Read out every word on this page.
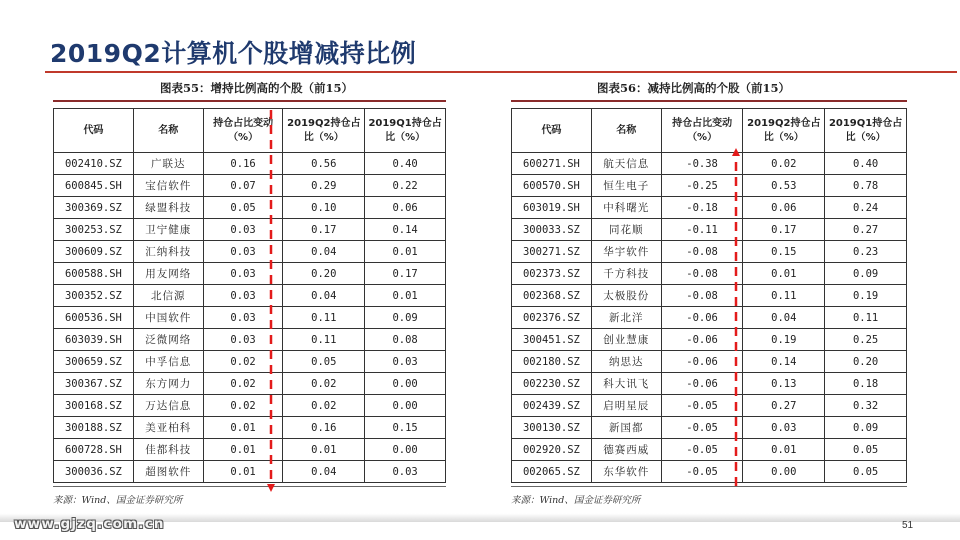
2019Q2计算机个股增减持比例
图表55：增持比例高的个股（前15）
代码	名称	持仓占比变动（%）	2019Q2持仓占比（%）	2019Q1持仓占比（%）
002410.SZ	广联达	0.16	0.56	0.40
600845.SH	宝信软件	0.07	0.29	0.22
300369.SZ	绿盟科技	0.05	0.10	0.06
300253.SZ	卫宁健康	0.03	0.17	0.14
300609.SZ	汇纳科技	0.03	0.04	0.01
600588.SH	用友网络	0.03	0.20	0.17
300352.SZ	北信源	0.03	0.04	0.01
600536.SH	中国软件	0.03	0.11	0.09
603039.SH	泛微网络	0.03	0.11	0.08
300659.SZ	中孚信息	0.02	0.05	0.03
300367.SZ	东方网力	0.02	0.02	0.00
300168.SZ	万达信息	0.02	0.02	0.00
300188.SZ	美亚柏科	0.01	0.16	0.15
600728.SH	佳都科技	0.01	0.01	0.00
300036.SZ	超图软件	0.01	0.04	0.03
来源：Wind、国金证券研究所
图表56：减持比例高的个股（前15）
代码	名称	持仓占比变动（%）	2019Q2持仓占比（%）	2019Q1持仓占比（%）
600271.SH	航天信息	-0.38	0.02	0.40
600570.SH	恒生电子	-0.25	0.53	0.78
603019.SH	中科曙光	-0.18	0.06	0.24
300033.SZ	同花顺	-0.11	0.17	0.27
300271.SZ	华宇软件	-0.08	0.15	0.23
002373.SZ	千方科技	-0.08	0.01	0.09
002368.SZ	太极股份	-0.08	0.11	0.19
002376.SZ	新北洋	-0.06	0.04	0.11
300451.SZ	创业慧康	-0.06	0.19	0.25
002180.SZ	纳思达	-0.06	0.14	0.20
002230.SZ	科大讯飞	-0.06	0.13	0.18
002439.SZ	启明星辰	-0.05	0.27	0.32
300130.SZ	新国都	-0.05	0.03	0.09
002920.SZ	德赛西威	-0.05	0.01	0.05
002065.SZ	东华软件	-0.05	0.00	0.05
来源：Wind、国金证券研究所
www.gjzq.com.cn	51
